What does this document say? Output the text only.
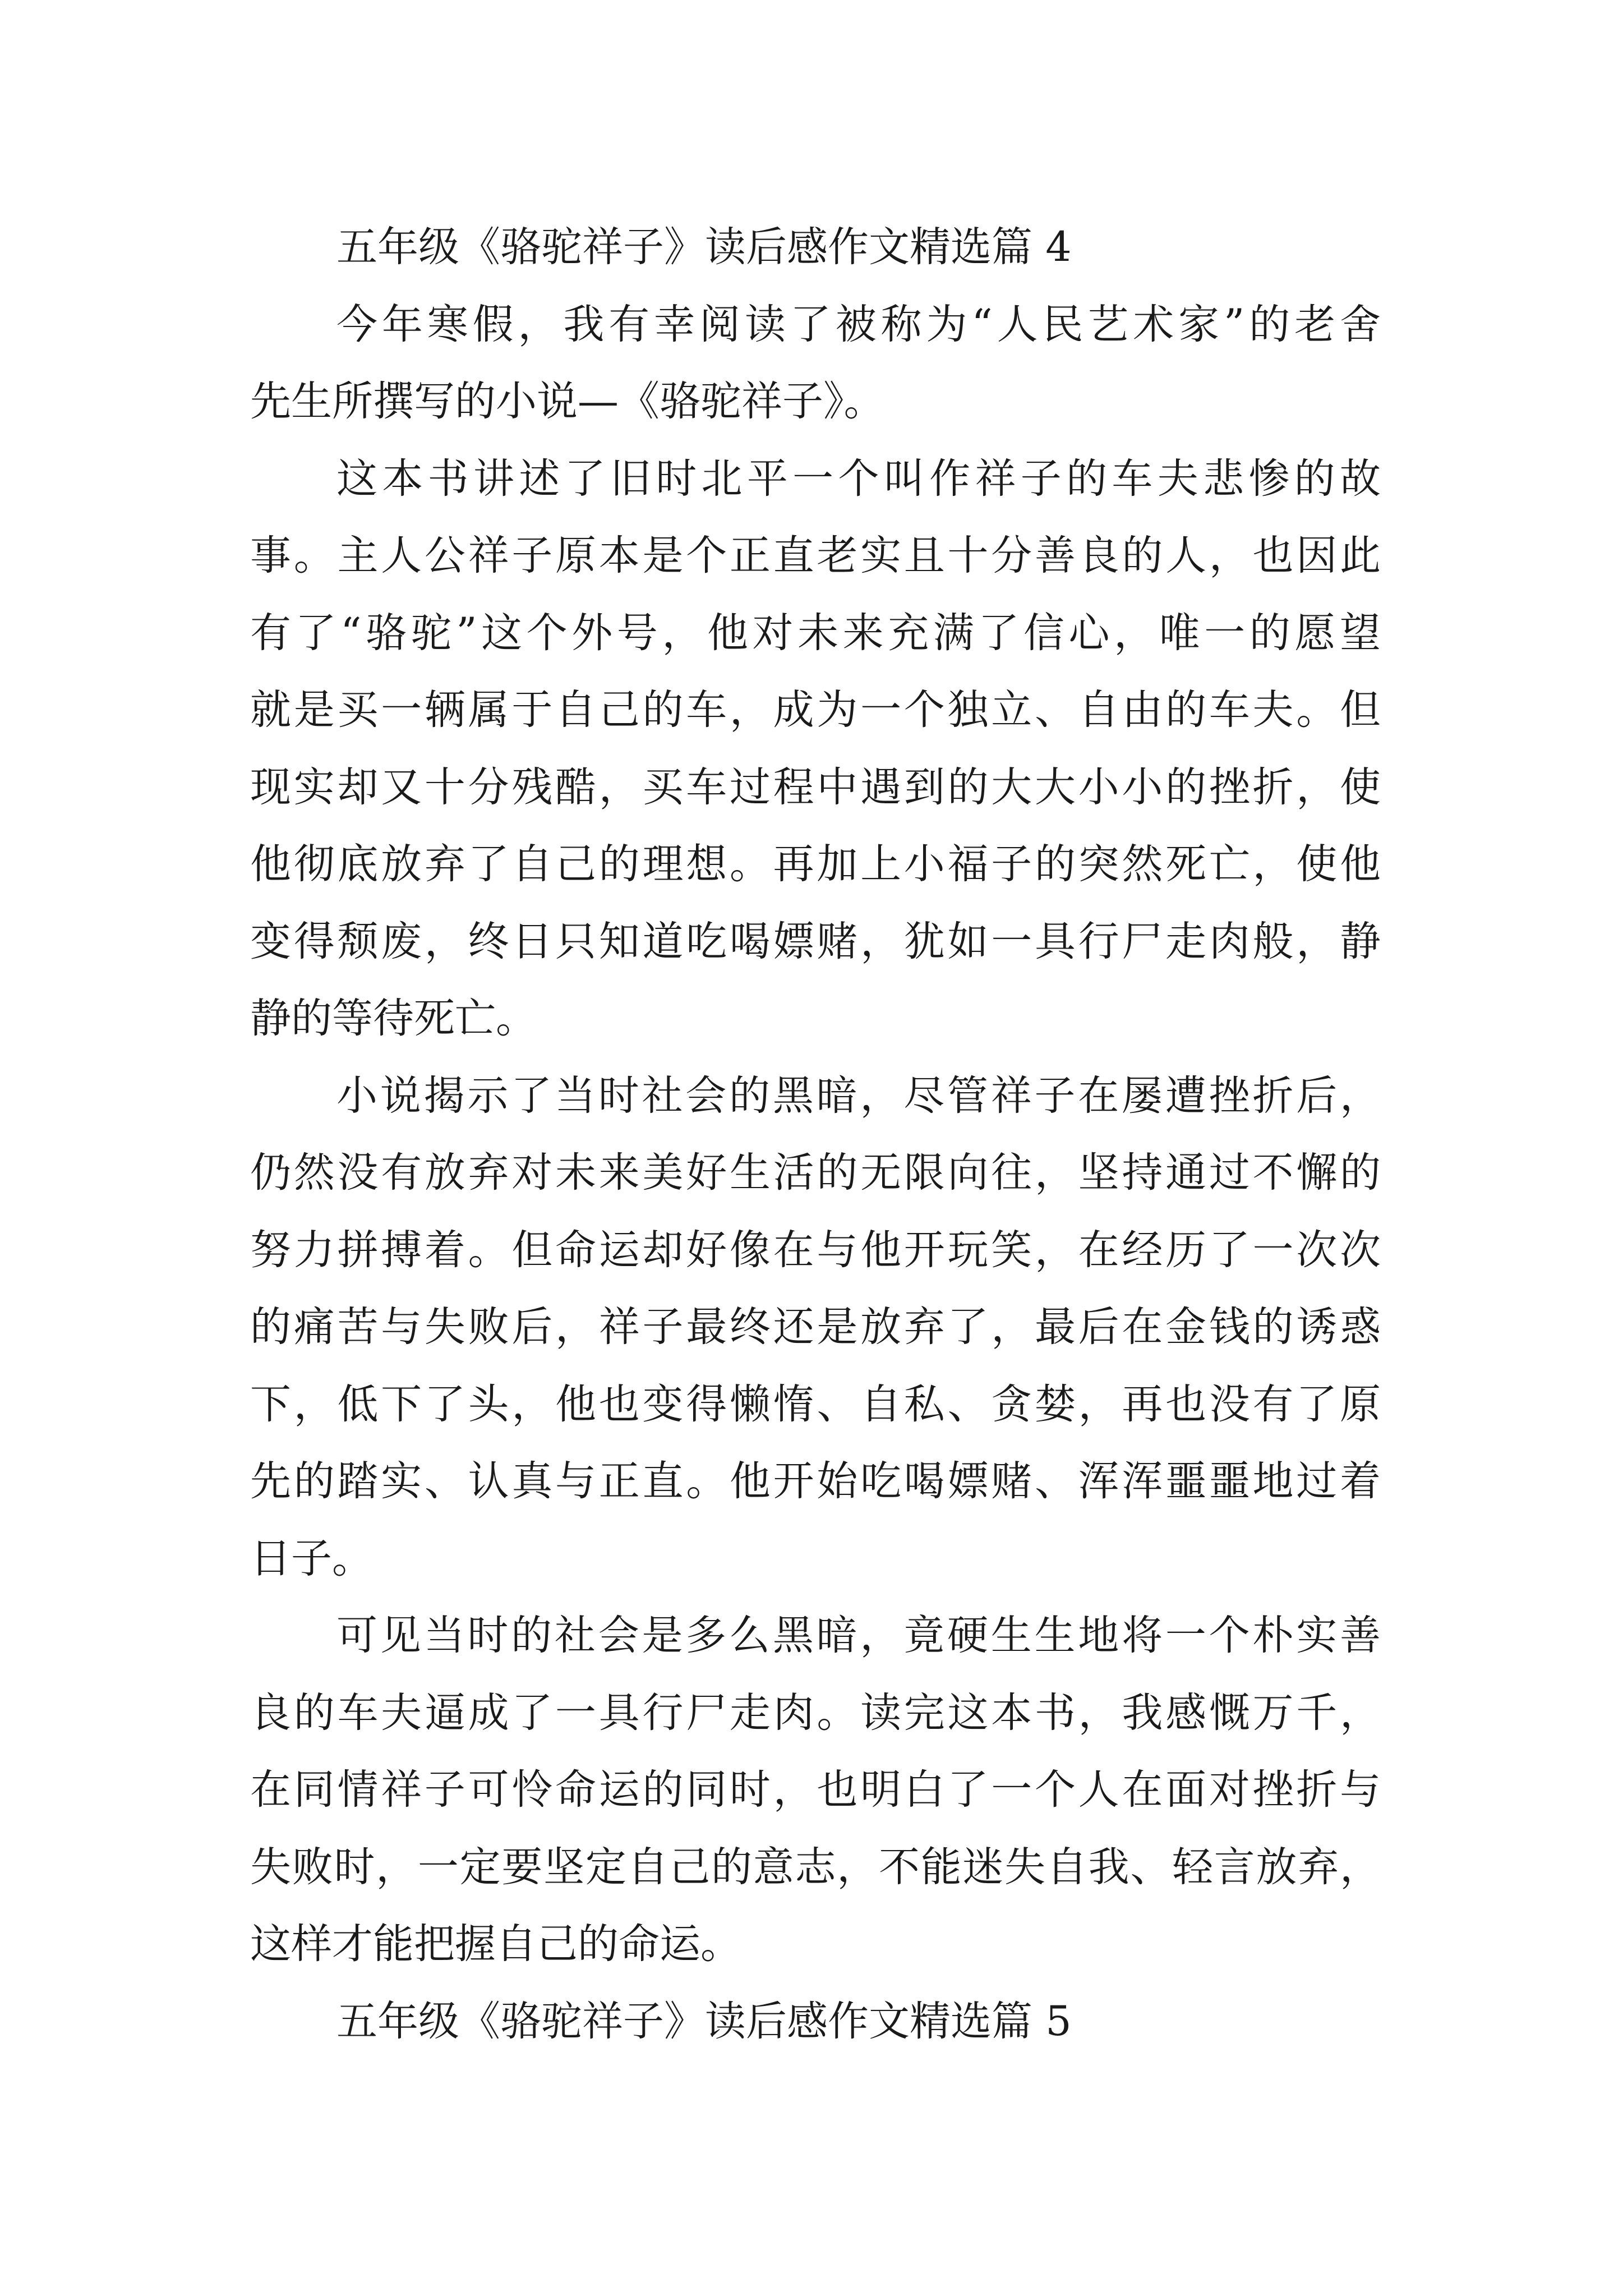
五年级《骆驼祥子》读后感作文精选篇 4
今年寒假，我有幸阅读了被称为“人民艺术家”的老舍
先生所撰写的小说—《骆驼祥子》。
这本书讲述了旧时北平一个叫作祥子的车夫悲惨的故
事。主人公祥子原本是个正直老实且十分善良的人，也因此
有了“骆驼”这个外号，他对未来充满了信心，唯一的愿望
就是买一辆属于自己的车，成为一个独立、自由的车夫。但
现实却又十分残酷，买车过程中遇到的大大小小的挫折，使
他彻底放弃了自己的理想。再加上小福子的突然死亡，使他
变得颓废，终日只知道吃喝嫖赌，犹如一具行尸走肉般，静
静的等待死亡。
小说揭示了当时社会的黑暗，尽管祥子在屡遭挫折后，
仍然没有放弃对未来美好生活的无限向往，坚持通过不懈的
努力拼搏着。但命运却好像在与他开玩笑，在经历了一次次
的痛苦与失败后，祥子最终还是放弃了，最后在金钱的诱惑
下，低下了头，他也变得懒惰、自私、贪婪，再也没有了原
先的踏实、认真与正直。他开始吃喝嫖赌、浑浑噩噩地过着
日子。
可见当时的社会是多么黑暗，竟硬生生地将一个朴实善
良的车夫逼成了一具行尸走肉。读完这本书，我感慨万千，
在同情祥子可怜命运的同时，也明白了一个人在面对挫折与
失败时，一定要坚定自己的意志，不能迷失自我、轻言放弃，
这样才能把握自己的命运。
五年级《骆驼祥子》读后感作文精选篇 5
